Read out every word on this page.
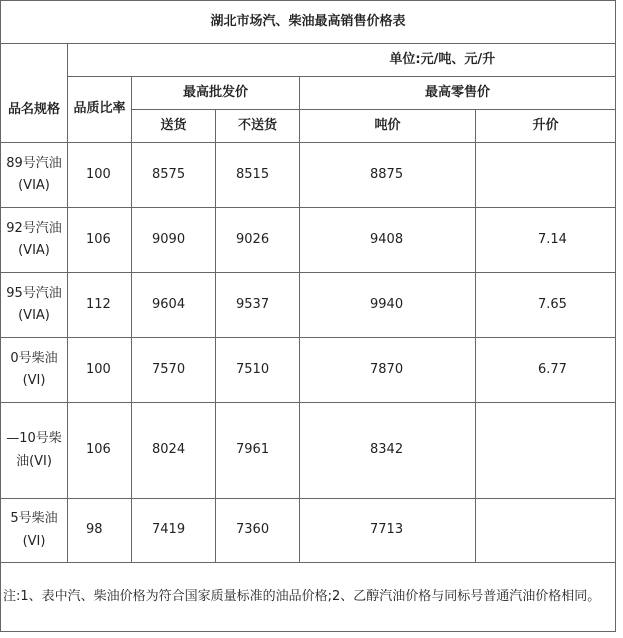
湖北市场汽、柴油最高销售价格表					
	单位:元/吨、元/升				
品名规格	品质比率	最高批发价		最高零售价	
		送货	不送货	吨价	升价
89号汽油(VIA)	100	8575	8515	8875	
92号汽油(VIA)	106	9090	9026	9408	7.14
95号汽油(VIA)	112	9604	9537	9940	7.65
0号柴油(VI)	100	7570	7510	7870	6.77
—10号柴油(VI)	106	8024	7961	8342	
5号柴油(VI)	98	7419	7360	7713	
注:1、表中汽、柴油价格为符合国家质量标准的油品价格;2、乙醇汽油价格与同标号普通汽油价格相同。					
